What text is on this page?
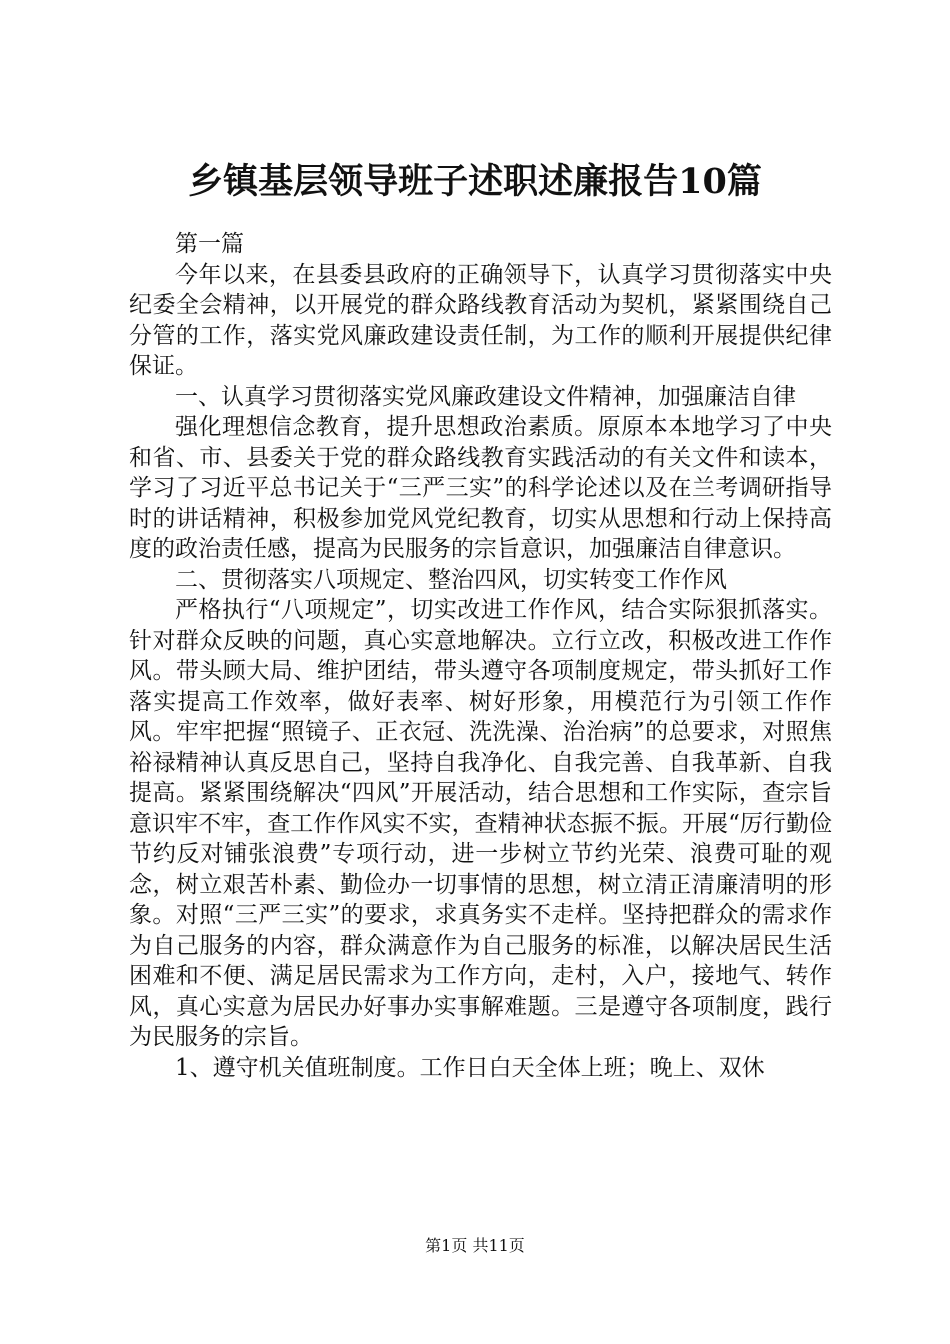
乡镇基层领导班子述职述廉报告10篇

第一篇

今年以来，在县委县政府的正确领导下，认真学习贯彻落实中央纪委全会精神，以开展党的群众路线教育活动为契机，紧紧围绕自己分管的工作，落实党风廉政建设责任制，为工作的顺利开展提供纪律保证。

一、认真学习贯彻落实党风廉政建设文件精神，加强廉洁自律

强化理想信念教育，提升思想政治素质。原原本本地学习了中央和省、市、县委关于党的群众路线教育实践活动的有关文件和读本，学习了习近平总书记关于“三严三实”的科学论述以及在兰考调研指导时的讲话精神，积极参加党风党纪教育，切实从思想和行动上保持高度的政治责任感，提高为民服务的宗旨意识，加强廉洁自律意识。

二、贯彻落实八项规定、整治四风，切实转变工作作风

严格执行“八项规定”，切实改进工作作风，结合实际狠抓落实。针对群众反映的问题，真心实意地解决。立行立改，积极改进工作作风。带头顾大局、维护团结，带头遵守各项制度规定，带头抓好工作落实提高工作效率，做好表率、树好形象，用模范行为引领工作作风。牢牢把握“照镜子、正衣冠、洗洗澡、治治病”的总要求，对照焦裕禄精神认真反思自己，坚持自我净化、自我完善、自我革新、自我提高。紧紧围绕解决“四风”开展活动，结合思想和工作实际，查宗旨意识牢不牢，查工作作风实不实，查精神状态振不振。开展“厉行勤俭节约反对铺张浪费”专项行动，进一步树立节约光荣、浪费可耻的观念，树立艰苦朴素、勤俭办一切事情的思想，树立清正清廉清明的形象。对照“三严三实”的要求，求真务实不走样。坚持把群众的需求作为自己服务的内容，群众满意作为自己服务的标准，以解决居民生活困难和不便、满足居民需求为工作方向，走村，入户，接地气、转作风，真心实意为居民办好事办实事解难题。三是遵守各项制度，践行为民服务的宗旨。

1、遵守机关值班制度。工作日白天全体上班；晚上、双休

第1页 共11页
